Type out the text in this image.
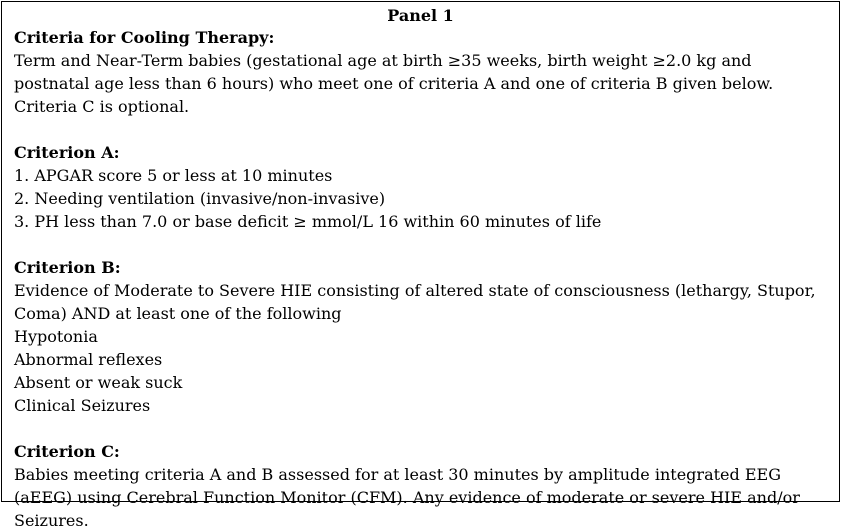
Panel 1

Criteria for Cooling Therapy:

Term and Near-Term babies (gestational age at birth ≥35 weeks, birth weight ≥2.0 kg and postnatal age less than 6 hours) who meet one of criteria A and one of criteria B given below. Criteria C is optional.

Criterion A:

1. APGAR score 5 or less at 10 minutes

2. Needing ventilation (invasive/non-invasive)

3. PH less than 7.0 or base deficit ≥ mmol/L 16 within 60 minutes of life

Criterion B:

Evidence of Moderate to Severe HIE consisting of altered state of consciousness (lethargy, Stupor, Coma) AND at least one of the following

Hypotonia

Abnormal reflexes

Absent or weak suck

Clinical Seizures

Criterion C:

Babies meeting criteria A and B assessed for at least 30 minutes by amplitude integrated EEG (aEEG) using Cerebral Function Monitor (CFM). Any evidence of moderate or severe HIE and/or Seizures.
